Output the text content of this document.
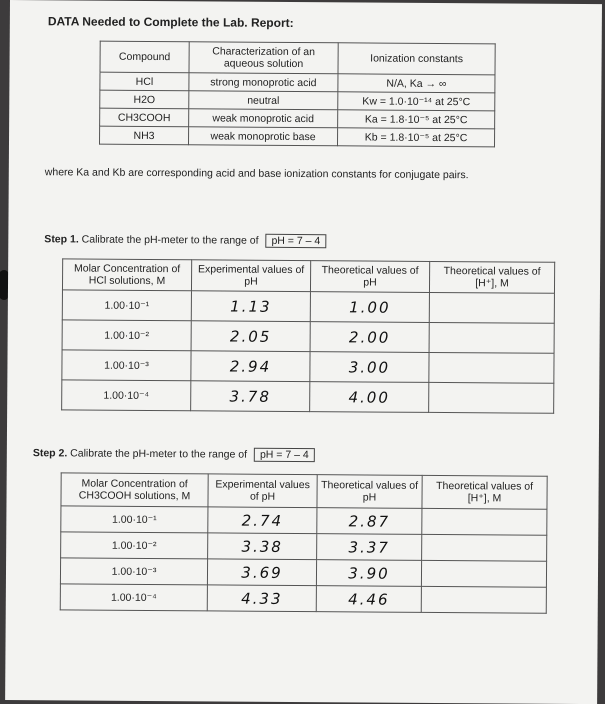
DATA Needed to Complete the Lab. Report:
Compound	Characterization of an aqueous solution	Ionization constants
HCl	strong monoprotic acid	N/A, Ka → ∞
H2O	neutral	Kw = 1.0·10⁻¹⁴ at 25°C
CH3COOH	weak monoprotic acid	Ka = 1.8·10⁻⁵ at 25°C
NH3	weak monoprotic base	Kb = 1.8·10⁻⁵ at 25°C
where Ka and Kb are corresponding acid and base ionization constants for conjugate pairs.
Step 1. Calibrate the pH-meter to the range of pH = 7 – 4
Molar Concentration of HCl solutions, M	Experimental values of pH	Theoretical values of pH	Theoretical values of [H⁺], M
1.00·10⁻¹	1.13	1.00	
1.00·10⁻²	2.05	2.00	
1.00·10⁻³	2.94	3.00	
1.00·10⁻⁴	3.78	4.00	
Step 2. Calibrate the pH-meter to the range of pH = 7 – 4
Molar Concentration of CH3COOH solutions, M	Experimental values of pH	Theoretical values of pH	Theoretical values of [H⁺], M
1.00·10⁻¹	2.74	2.87	
1.00·10⁻²	3.38	3.37	
1.00·10⁻³	3.69	3.90	
1.00·10⁻⁴	4.33	4.46	
